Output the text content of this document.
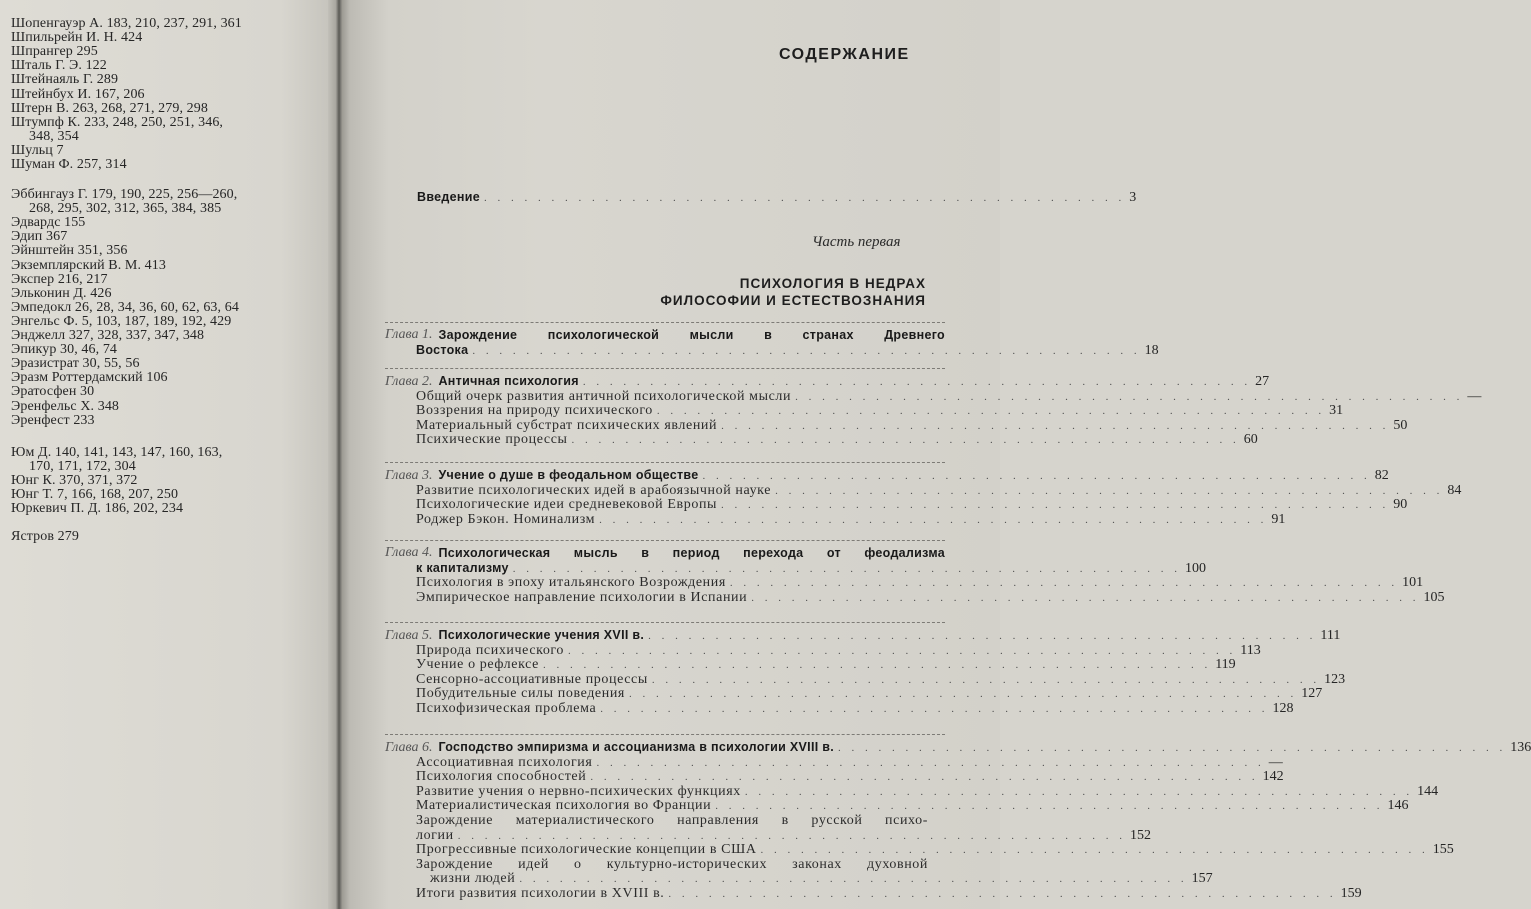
Шопенгауэр А. 183, 210, 237, 291, 361
Шпильрейн И. Н. 424
Шпрангер 295
Шталь Г. Э. 122
Штейнаяль Г. 289
Штейнбух И. 167, 206
Штерн В. 263, 268, 271, 279, 298
Штумпф К. 233, 248, 250, 251, 346,
348, 354
Шульц 7
Шуман Ф. 257, 314
Эббингауз Г. 179, 190, 225, 256—260,
268, 295, 302, 312, 365, 384, 385
Эдвардс 155
Эдип 367
Эйнштейн 351, 356
Экземплярский В. М. 413
Экспер 216, 217
Эльконин Д. 426
Эмпедокл 26, 28, 34, 36, 60, 62, 63, 64
Энгельс Ф. 5, 103, 187, 189, 192, 429
Энджелл 327, 328, 337, 347, 348
Эпикур 30, 46, 74
Эразистрат 30, 55, 56
Эразм Роттердамский 106
Эратосфен 30
Эренфельс X. 348
Эренфест 233
Юм Д. 140, 141, 143, 147, 160, 163,
170, 171, 172, 304
Юнг К. 370, 371, 372
Юнг Т. 7, 166, 168, 207, 250
Юркевич П. Д. 186, 202, 234
Ястров 279
СОДЕРЖАНИЕ
Введение . . . . . . . . . . . . . . . . . . . . . . . . . . . . . . . . . . . . . . . . . . . . . . . . 3
Часть первая
ПСИХОЛОГИЯ В НЕДРАХ
ФИЛОСОФИИ И ЕСТЕСТВОЗНАНИЯ
Глава 1. Зарождение психологической мысли в странах Древнего
Востока . . . . . . . . . . . . . . . . . . . . . . . . . . . . . . . . . . . . . . . . . . . . . . . . . . 18
Глава 2. Античная психология . . . . . . . . . . . . . . . . . . . . . . . . . . . . . . . . . . . . . . . . . . . . . . . . . . 27
Общий очерк развития античной психологической мысли . . . . . . . . . . . . . . . . . . . . . . . . . . . . . . . . . . . . . . . . . . . . . . . . . . —
Воззрения на природу психического . . . . . . . . . . . . . . . . . . . . . . . . . . . . . . . . . . . . . . . . . . . . . . . . . . 31
Материальный субстрат психических явлений . . . . . . . . . . . . . . . . . . . . . . . . . . . . . . . . . . . . . . . . . . . . . . . . . . 50
Психические процессы . . . . . . . . . . . . . . . . . . . . . . . . . . . . . . . . . . . . . . . . . . . . . . . . . . 60
Глава 3. Учение о душе в феодальном обществе . . . . . . . . . . . . . . . . . . . . . . . . . . . . . . . . . . . . . . . . . . . . . . . . . . 82
Развитие психологических идей в арабоязычной науке . . . . . . . . . . . . . . . . . . . . . . . . . . . . . . . . . . . . . . . . . . . . . . . . . . 84
Психологические идеи средневековой Европы . . . . . . . . . . . . . . . . . . . . . . . . . . . . . . . . . . . . . . . . . . . . . . . . . . 90
Роджер Бэкон. Номинализм . . . . . . . . . . . . . . . . . . . . . . . . . . . . . . . . . . . . . . . . . . . . . . . . . . 91
Глава 4. Психологическая мысль в период перехода от феодализма
к капитализму . . . . . . . . . . . . . . . . . . . . . . . . . . . . . . . . . . . . . . . . . . . . . . . . . . 100
Психология в эпоху итальянского Возрождения . . . . . . . . . . . . . . . . . . . . . . . . . . . . . . . . . . . . . . . . . . . . . . . . . . 101
Эмпирическое направление психологии в Испании . . . . . . . . . . . . . . . . . . . . . . . . . . . . . . . . . . . . . . . . . . . . . . . . . . 105
Глава 5. Психологические учения XVII в. . . . . . . . . . . . . . . . . . . . . . . . . . . . . . . . . . . . . . . . . . . . . . . . . . . 111
Природа психического . . . . . . . . . . . . . . . . . . . . . . . . . . . . . . . . . . . . . . . . . . . . . . . . . . 113
Учение о рефлексе . . . . . . . . . . . . . . . . . . . . . . . . . . . . . . . . . . . . . . . . . . . . . . . . . . 119
Сенсорно-ассоциативные процессы . . . . . . . . . . . . . . . . . . . . . . . . . . . . . . . . . . . . . . . . . . . . . . . . . . 123
Побудительные силы поведения . . . . . . . . . . . . . . . . . . . . . . . . . . . . . . . . . . . . . . . . . . . . . . . . . . 127
Психофизическая проблема . . . . . . . . . . . . . . . . . . . . . . . . . . . . . . . . . . . . . . . . . . . . . . . . . . 128
Глава 6. Господство эмпиризма и ассоцианизма в психологии XVIII в. . . . . . . . . . . . . . . . . . . . . . . . . . . . . . . . . . . . . . . . . . . . . . . . . . . 136
Ассоциативная психология . . . . . . . . . . . . . . . . . . . . . . . . . . . . . . . . . . . . . . . . . . . . . . . . . . —
Психология способностей . . . . . . . . . . . . . . . . . . . . . . . . . . . . . . . . . . . . . . . . . . . . . . . . . . 142
Развитие учения о нервно-психических функциях . . . . . . . . . . . . . . . . . . . . . . . . . . . . . . . . . . . . . . . . . . . . . . . . . . 144
Материалистическая психология во Франции . . . . . . . . . . . . . . . . . . . . . . . . . . . . . . . . . . . . . . . . . . . . . . . . . . 146
Зарождение материалистического направления в русской психо-
логии . . . . . . . . . . . . . . . . . . . . . . . . . . . . . . . . . . . . . . . . . . . . . . . . . . 152
Прогрессивные психологические концепции в США . . . . . . . . . . . . . . . . . . . . . . . . . . . . . . . . . . . . . . . . . . . . . . . . . . 155
Зарождение идей о культурно-исторических законах духовной
жизни людей . . . . . . . . . . . . . . . . . . . . . . . . . . . . . . . . . . . . . . . . . . . . . . . . . . 157
Итоги развития психологии в XVIII в. . . . . . . . . . . . . . . . . . . . . . . . . . . . . . . . . . . . . . . . . . . . . . . . . . . 159
